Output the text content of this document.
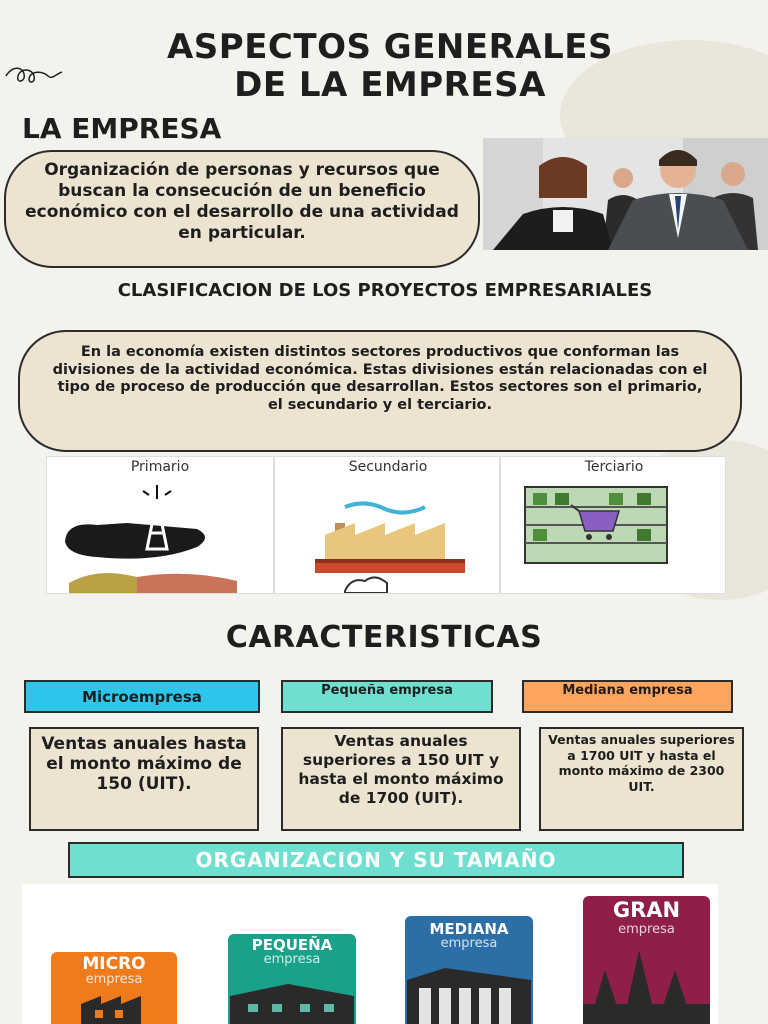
ASPECTOS GENERALES
DE LA EMPRESA
LA EMPRESA
Organización de personas y recursos que buscan la consecución de un beneficio económico con el desarrollo de una actividad en particular.
CLASIFICACION DE LOS PROYECTOS EMPRESARIALES
En la economía existen distintos sectores productivos que conforman las divisiones de la actividad económica. Estas divisiones están relacionadas con el tipo de proceso de producción que desarrollan. Estos sectores son el primario, el secundario y el terciario.
Primario	Secundario	Terciario
CARACTERISTICAS
Microempresa	Pequeña empresa	Mediana empresa
Ventas anuales hasta el monto máximo de 150 (UIT).
Ventas anuales superiores a 150 UIT y hasta el monto máximo de 1700 (UIT).
Ventas anuales superiores a 1700 UIT y hasta el monto máximo de 2300 UIT.
ORGANIZACION Y SU TAMAÑO
MICRO
empresa
PEQUEÑA
empresa
MEDIANA
empresa
GRAN
empresa
